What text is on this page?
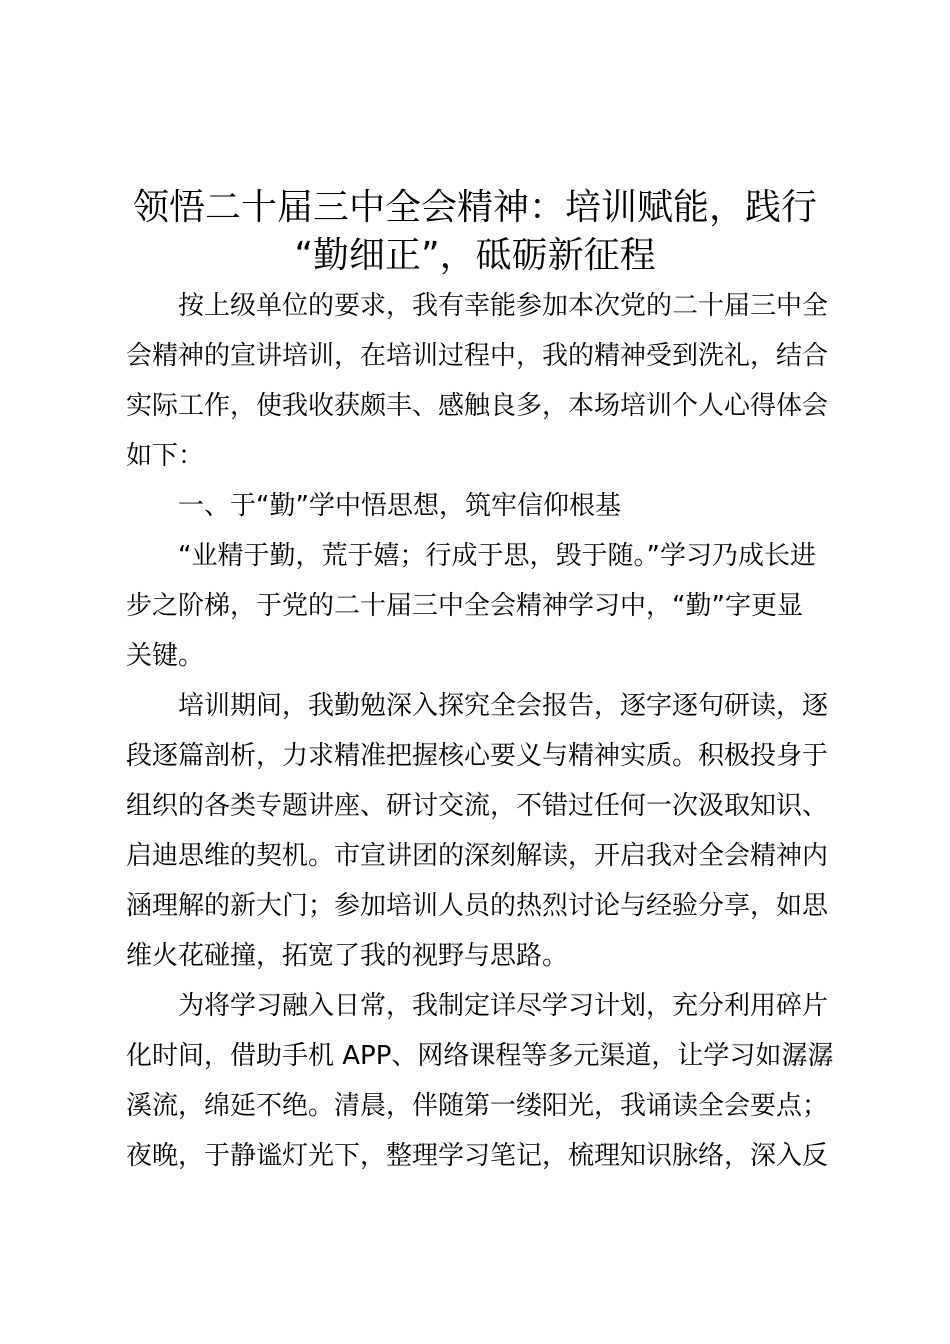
领悟二十届三中全会精神：培训赋能，践行
“勤细正”，砥砺新征程

按上级单位的要求，我有幸能参加本次党的二十届三中全

会精神的宣讲培训，在培训过程中，我的精神受到洗礼，结合

实际工作，使我收获颇丰、感触良多，本场培训个人心得体会

如下：

一、于“勤”学中悟思想，筑牢信仰根基

“业精于勤，荒于嬉；行成于思，毁于随。”学习乃成长进

步之阶梯，于党的二十届三中全会精神学习中，“勤”字更显

关键。

培训期间，我勤勉深入探究全会报告，逐字逐句研读，逐

段逐篇剖析，力求精准把握核心要义与精神实质。积极投身于

组织的各类专题讲座、研讨交流，不错过任何一次汲取知识、

启迪思维的契机。市宣讲团的深刻解读，开启我对全会精神内

涵理解的新大门；参加培训人员的热烈讨论与经验分享，如思

维火花碰撞，拓宽了我的视野与思路。

为将学习融入日常，我制定详尽学习计划，充分利用碎片

化时间，借助手机 APP、网络课程等多元渠道，让学习如潺潺

溪流，绵延不绝。清晨，伴随第一缕阳光，我诵读全会要点；

夜晚，于静谧灯光下，整理学习笔记，梳理知识脉络，深入反
